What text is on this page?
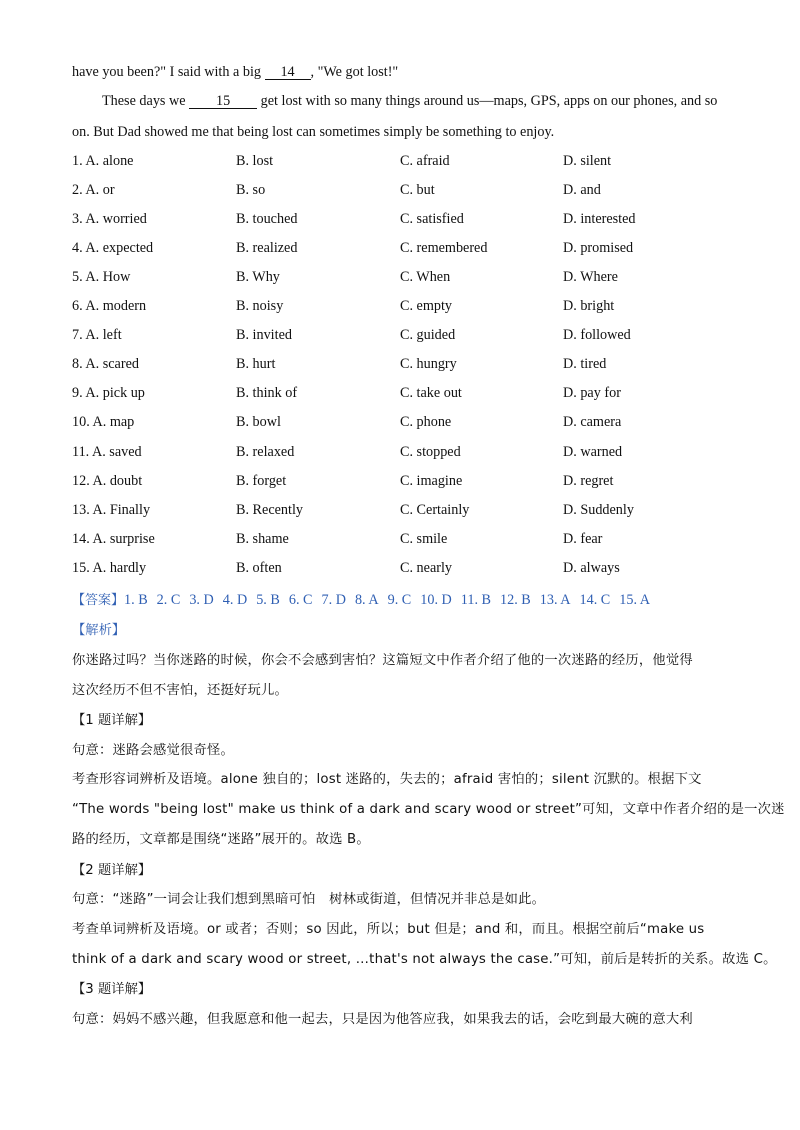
have you been?" I said with a big 14 , "We got lost!"
These days we 15 get lost with so many things around us—maps, GPS, apps on our phones, and so
on. But Dad showed me that being lost can sometimes simply be something to enjoy.
1. A. alone	B. lost	C. afraid	D. silent
2. A. or	B. so	C. but	D. and
3. A. worried	B. touched	C. satisfied	D. interested
4. A. expected	B. realized	C. remembered	D. promised
5. A. How	B. Why	C. When	D. Where
6. A. modern	B. noisy	C. empty	D. bright
7. A. left	B. invited	C. guided	D. followed
8. A. scared	B. hurt	C. hungry	D. tired
9. A. pick up	B. think of	C. take out	D. pay for
10. A. map	B. bowl	C. phone	D. camera
11. A. saved	B. relaxed	C. stopped	D. warned
12. A. doubt	B. forget	C. imagine	D. regret
13. A. Finally	B. Recently	C. Certainly	D. Suddenly
14. A. surprise	B. shame	C. smile	D. fear
15. A. hardly	B. often	C. nearly	D. always
【答案】1. B 2. C 3. D 4. D 5. B 6. C 7. D 8. A 9. C 10. D 11. B 12. B 13. A 14. C 15. A
【解析】
你迷路过吗？当你迷路的时候，你会不会感到害怕？这篇短文中作者介绍了他的一次迷路的经历，他觉得
这次经历不但不害怕，还挺好玩儿。
【1 题详解】
句意：迷路会感觉很奇怪。
考查形容词辨析及语境。alone 独自的；lost 迷路的，失去的；afraid 害怕的；silent 沉默的。根据下文
“The words "being lost" make us think of a dark and scary wood or street”可知，文章中作者介绍的是一次迷
路的经历，文章都是围绕“迷路”展开的。故选 B。
【2 题详解】
句意：“迷路”一词会让我们想到黑暗可怕　树林或街道，但情况并非总是如此。
考查单词辨析及语境。or 或者；否则；so 因此，所以；but 但是；and 和，而且。根据空前后“make us
think of a dark and scary wood or street, …that's not always the case.”可知，前后是转折的关系。故选 C。
【3 题详解】
句意：妈妈不感兴趣，但我愿意和他一起去，只是因为他答应我，如果我去的话，会吃到最大碗的意大利
